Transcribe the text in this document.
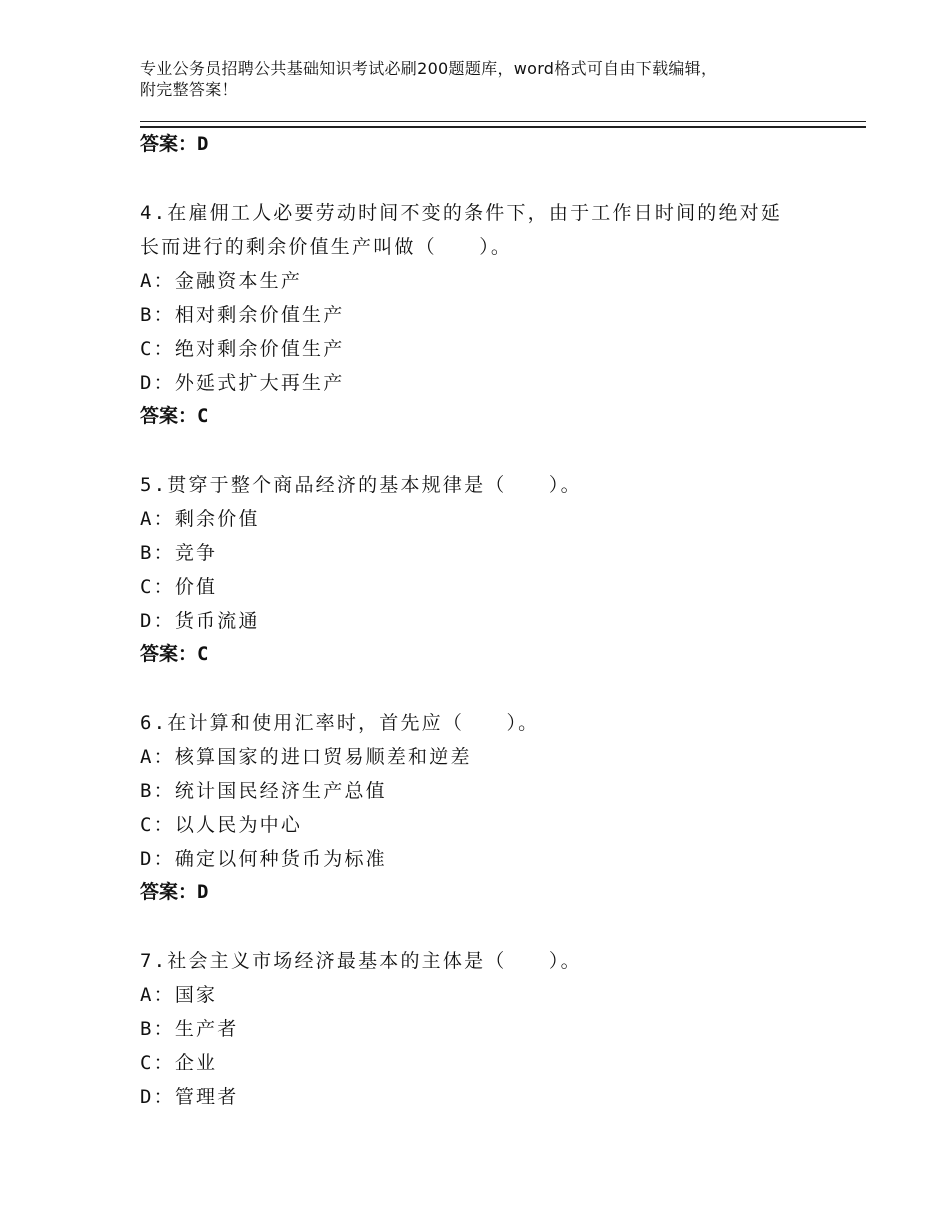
专业公务员招聘公共基础知识考试必刷200题题库，word格式可自由下载编辑，
附完整答案！
答案：D
4.在雇佣工人必要劳动时间不变的条件下，由于工作日时间的绝对延
长而进行的剩余价值生产叫做（　　）。
A：金融资本生产
B：相对剩余价值生产
C：绝对剩余价值生产
D：外延式扩大再生产
答案：C
5.贯穿于整个商品经济的基本规律是（　　）。
A：剩余价值
B：竞争
C：价值
D：货币流通
答案：C
6.在计算和使用汇率时，首先应（　　）。
A：核算国家的进口贸易顺差和逆差
B：统计国民经济生产总值
C：以人民为中心
D：确定以何种货币为标准
答案：D
7.社会主义市场经济最基本的主体是（　　）。
A：国家
B：生产者
C：企业
D：管理者
